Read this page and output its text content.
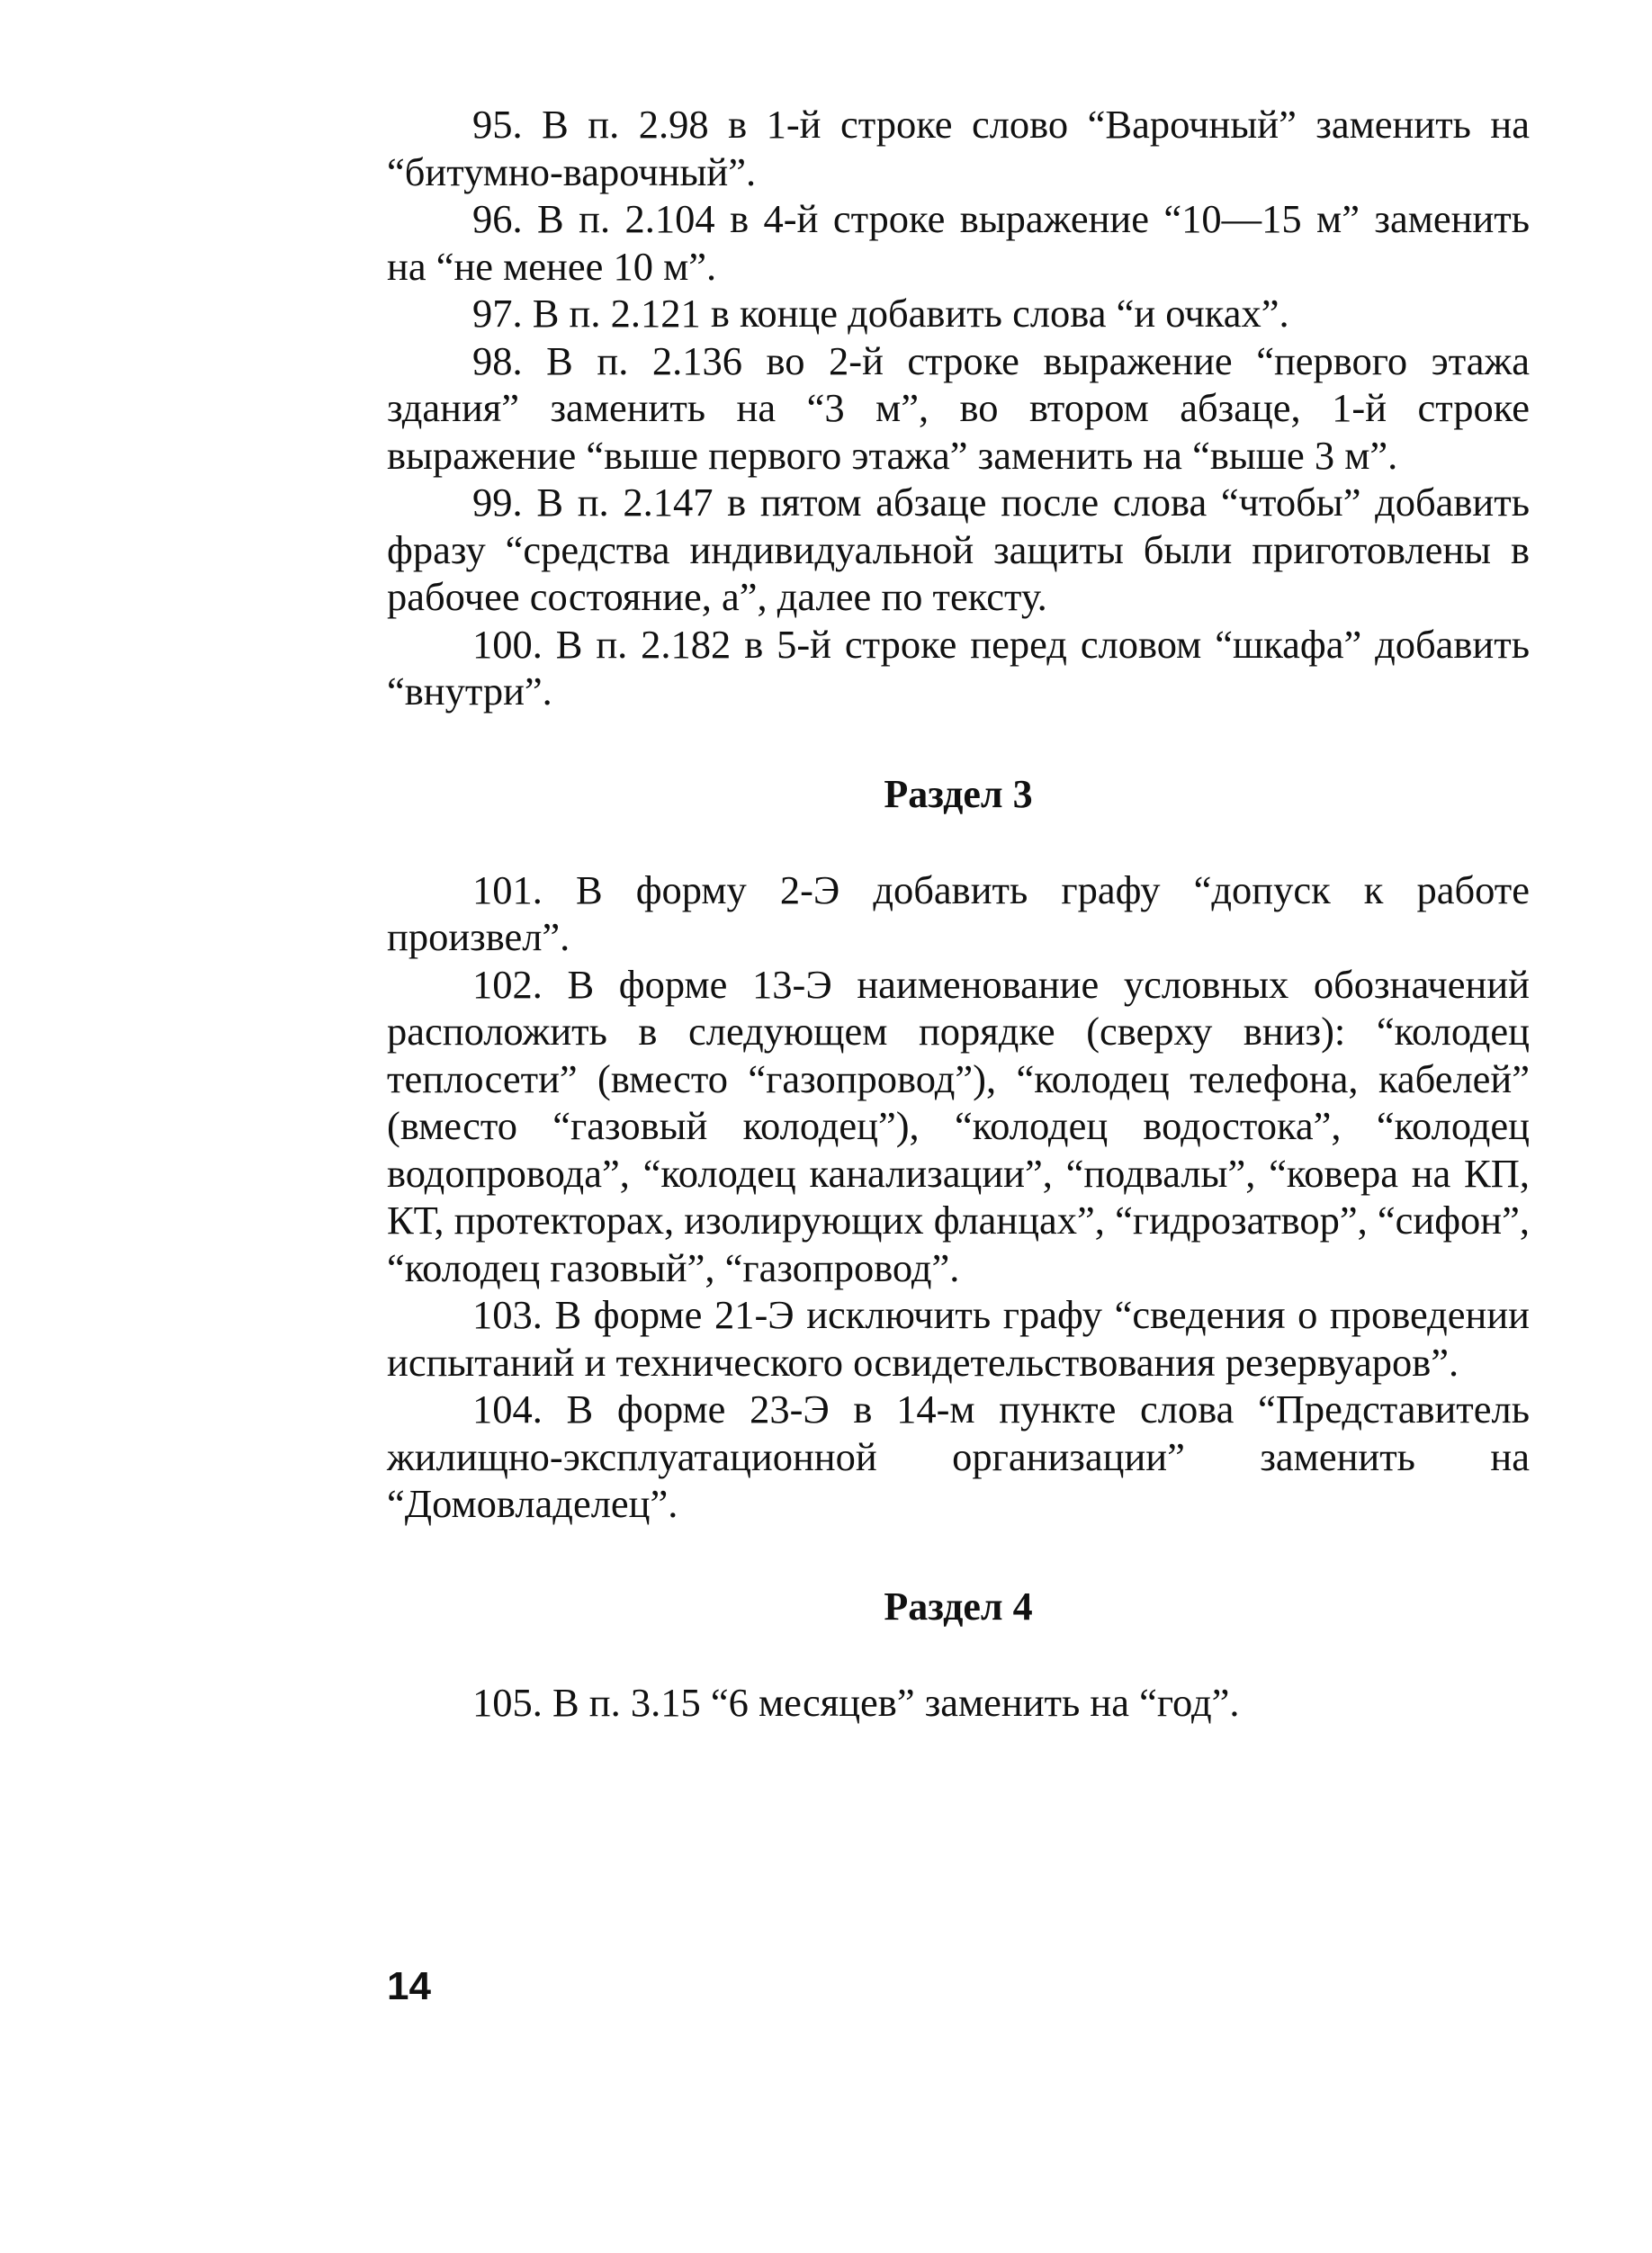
95. В п. 2.98 в 1-й строке слово “Варочный” заменить на “битумно-варочный”.

96. В п. 2.104 в 4-й строке выражение “10—15 м” заменить на “не менее 10 м”.

97. В п. 2.121 в конце добавить слова “и очках”.

98. В п. 2.136 во 2-й строке выражение “первого этажа здания” заменить на “3 м”, во втором абзаце, 1-й строке выражение “выше первого этажа” заменить на “выше 3 м”.

99. В п. 2.147 в пятом абзаце после слова “чтобы” добавить фразу “средства индивидуальной защиты были приготовлены в рабочее состояние, а”, далее по тексту.

100. В п. 2.182 в 5-й строке перед словом “шкафа” добавить “внутри”.

Раздел 3

101. В форму 2-Э добавить графу “допуск к работе произвел”.

102. В форме 13-Э наименование условных обозначений расположить в следующем порядке (сверху вниз): “колодец теплосети” (вместо “газопровод”), “колодец телефона, кабелей” (вместо “газовый колодец”), “колодец водостока”, “колодец водопровода”, “колодец канализации”, “подвалы”, “ковера на КП, КТ, протекторах, изолирующих фланцах”, “гидрозатвор”, “сифон”, “колодец газовый”, “газопровод”.

103. В форме 21-Э исключить графу “сведения о проведении испытаний и технического освидетельствования резервуаров”.

104. В форме 23-Э в 14-м пункте слова “Представитель жилищно-эксплуатационной организации” заменить на “Домовладелец”.

Раздел 4

105. В п. 3.15 “6 месяцев” заменить на “год”.

14
